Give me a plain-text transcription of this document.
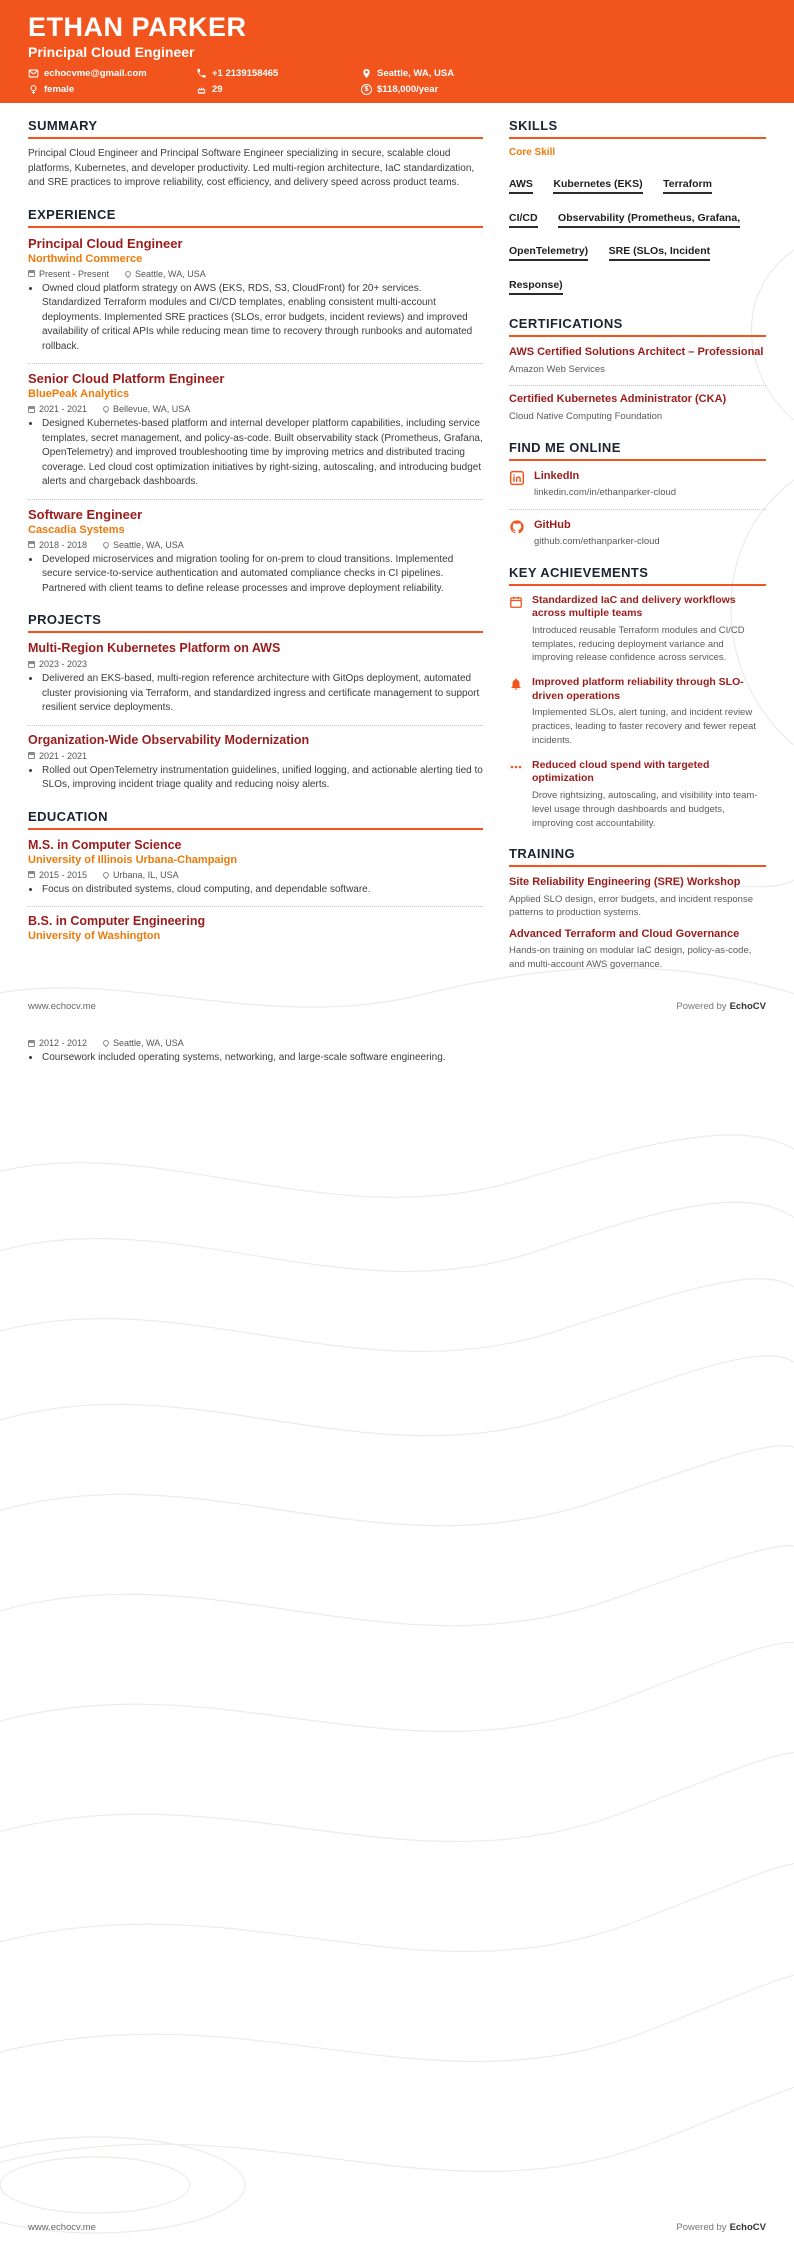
ETHAN PARKER
Principal Cloud Engineer
echocvme@gmail.com	+1 2139158465	Seattle, WA, USA
female	29 $	$118,000/year
SUMMARY

Principal Cloud Engineer and Principal Software Engineer specializing in secure, scalable cloud platforms, Kubernetes, and developer productivity. Led multi-region architecture, IaC standardization, and SRE practices to improve reliability, cost efficiency, and delivery speed across product teams.

EXPERIENCE
Principal Cloud Engineer
Northwind Commerce
Present - Present	Seattle, WA, USA
• Owned cloud platform strategy on AWS (EKS, RDS, S3, CloudFront) for 20+ services. Standardized Terraform modules and CI/CD templates, enabling consistent multi-account deployments. Implemented SRE practices (SLOs, error budgets, incident reviews) and improved availability of critical APIs while reducing mean time to recovery through runbooks and automated rollback.
Senior Cloud Platform Engineer
BluePeak Analytics
2021 - 2021	Bellevue, WA, USA
• Designed Kubernetes-based platform and internal developer platform capabilities, including service templates, secret management, and policy-as-code. Built observability stack (Prometheus, Grafana, OpenTelemetry) and improved troubleshooting time by improving metrics and distributed tracing coverage. Led cloud cost optimization initiatives by right-sizing, autoscaling, and introducing budget alerts and chargeback dashboards.
Software Engineer
Cascadia Systems
2018 - 2018	Seattle, WA, USA
• Developed microservices and migration tooling for on-prem to cloud transitions. Implemented secure service-to-service authentication and automated compliance checks in CI pipelines. Partnered with client teams to define release processes and improve deployment reliability.
PROJECTS
Multi-Region Kubernetes Platform on AWS
2023 - 2023
• Delivered an EKS-based, multi-region reference architecture with GitOps deployment, automated cluster provisioning via Terraform, and standardized ingress and certificate management to support resilient service deployments.
Organization-Wide Observability Modernization
2021 - 2021
• Rolled out OpenTelemetry instrumentation guidelines, unified logging, and actionable alerting tied to SLOs, improving incident triage quality and reducing noisy alerts.
EDUCATION
M.S. in Computer Science
University of Illinois Urbana-Champaign
2015 - 2015	Urbana, IL, USA
• Focus on distributed systems, cloud computing, and dependable software.
B.S. in Computer Engineering
University of Washington
SKILLS
Core Skill
AWS Kubernetes (EKS) Terraform CI/CD Observability (Prometheus, Grafana, OpenTelemetry) SRE (SLOs, Incident Response)
CERTIFICATIONS
AWS Certified Solutions Architect – Professional
Amazon Web Services
Certified Kubernetes Administrator (CKA)
Cloud Native Computing Foundation
FIND ME ONLINE
LinkedIn
linkedin.com/in/ethanparker-cloud
GitHub
github.com/ethanparker-cloud
KEY ACHIEVEMENTS
Standardized IaC and delivery workflows across multiple teams
Introduced reusable Terraform modules and CI/CD templates, reducing deployment variance and improving release confidence across services.
Improved platform reliability through SLO-driven operations
Implemented SLOs, alert tuning, and incident review practices, leading to faster recovery and fewer repeat incidents.
Reduced cloud spend with targeted optimization
Drove rightsizing, autoscaling, and visibility into team-level usage through dashboards and budgets, improving cost accountability.
TRAINING
Site Reliability Engineering (SRE) Workshop
Applied SLO design, error budgets, and incident response patterns to production systems.
Advanced Terraform and Cloud Governance
Hands-on training on modular IaC design, policy-as-code, and multi-account AWS governance.
www.echocv.me	Powered by EchoCV
2012 - 2012	Seattle, WA, USA
• Coursework included operating systems, networking, and large-scale software engineering.
www.echocv.me	Powered by EchoCV
